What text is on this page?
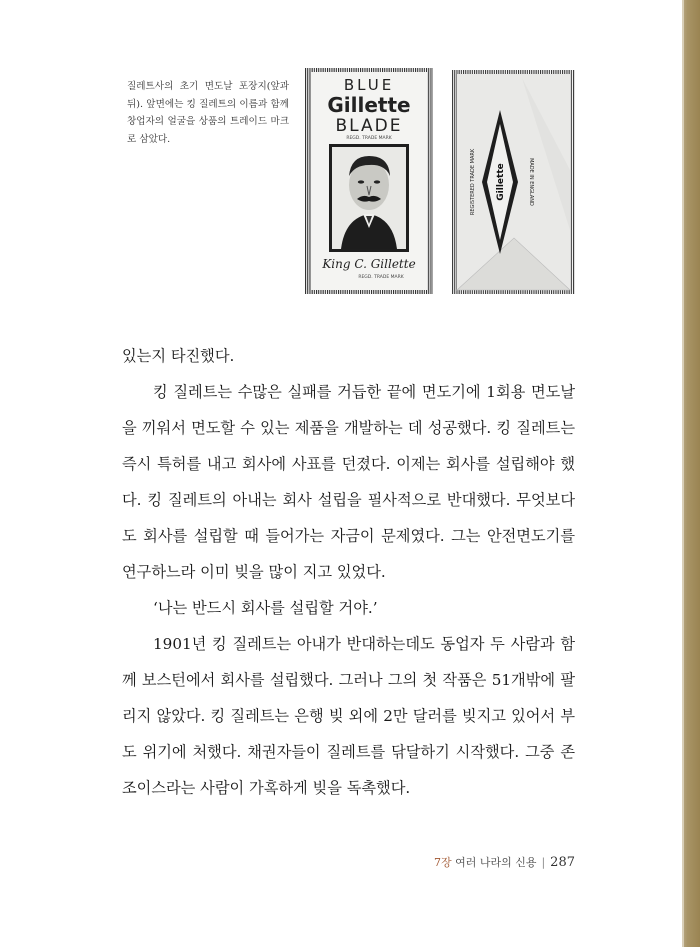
질레트사의 초기 면도날 포장지(앞과 뒤). 앞면에는 킹 질레트의 이름과 함께 창업자의 얼굴을 상품의 트레이드 마크로 삼았다.
BLUE
Gillette
BLADE
REGD. TRADE MARK
King C. Gillette
REGD. TRADE MARK
Gillette
REGISTERED TRADE MARK	MADE IN ENGLAND

있는지 타진했다.

킹 질레트는 수많은 실패를 거듭한 끝에 면도기에 1회용 면도날을 끼워서 면도할 수 있는 제품을 개발하는 데 성공했다. 킹 질레트는 즉시 특허를 내고 회사에 사표를 던졌다. 이제는 회사를 설립해야 했다. 킹 질레트의 아내는 회사 설립을 필사적으로 반대했다. 무엇보다도 회사를 설립할 때 들어가는 자금이 문제였다. 그는 안전면도기를 연구하느라 이미 빚을 많이 지고 있었다.

‘나는 반드시 회사를 설립할 거야.’

1901년 킹 질레트는 아내가 반대하는데도 동업자 두 사람과 함께 보스턴에서 회사를 설립했다. 그러나 그의 첫 작품은 51개밖에 팔리지 않았다. 킹 질레트는 은행 빚 외에 2만 달러를 빚지고 있어서 부도 위기에 처했다. 채권자들이 질레트를 닦달하기 시작했다. 그중 존 조이스라는 사람이 가혹하게 빚을 독촉했다.

7장 여러 나라의 신용 | 287
